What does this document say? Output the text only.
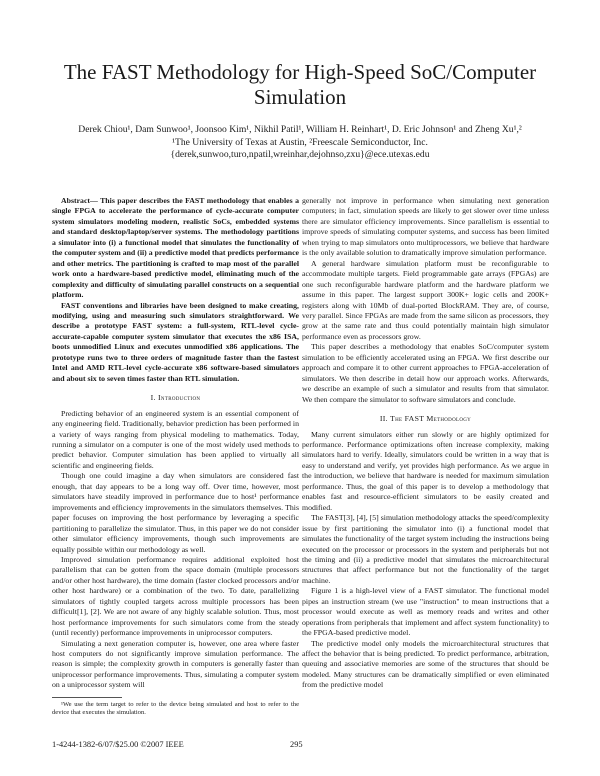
The FAST Methodology for High-Speed SoC/Computer Simulation
Derek Chiou¹, Dam Sunwoo¹, Joonsoo Kim¹, Nikhil Patil¹, William H. Reinhart¹, D. Eric Johnson¹ and Zheng Xu¹,²
¹The University of Texas at Austin, ²Freescale Semiconductor, Inc.
{derek,sunwoo,turo,npatil,wreinhar,dejohnso,zxu}@ece.utexas.edu

Abstract— This paper describes the FAST methodology that enables a single FPGA to accelerate the performance of cycle-accurate computer system simulators modeling modern, realistic SoCs, embedded systems and standard desktop/laptop/server systems. The methodology partitions a simulator into (i) a functional model that simulates the functionality of the computer system and (ii) a predictive model that predicts performance and other metrics. The partitioning is crafted to map most of the parallel work onto a hardware-based predictive model, eliminating much of the complexity and difficulty of simulating parallel constructs on a sequential platform.

FAST conventions and libraries have been designed to make creating, modifying, using and measuring such simulators straightforward. We describe a prototype FAST system: a full-system, RTL-level cycle-accurate-capable computer system simulator that executes the x86 ISA, boots unmodified Linux and executes unmodified x86 applications. The prototype runs two to three orders of magnitude faster than the fastest Intel and AMD RTL-level cycle-accurate x86 software-based simulators and about six to seven times faster than RTL simulation.

I. Introduction

Predicting behavior of an engineered system is an essential component of any engineering field. Traditionally, behavior prediction has been performed in a variety of ways ranging from physical modeling to mathematics. Today, running a simulator on a computer is one of the most widely used methods to predict behavior. Computer simulation has been applied to virtually all scientific and engineering fields.

Though one could imagine a day when simulators are considered fast enough, that day appears to be a long way off. Over time, however, most simulators have steadily improved in performance due to host¹ performance improvements and efficiency improvements in the simulators themselves. This paper focuses on improving the host performance by leveraging a specific partitioning to parallelize the simulator. Thus, in this paper we do not consider other simulator efficiency improvements, though such improvements are equally possible within our methodology as well.

Improved simulation performance requires additional exploited host parallelism that can be gotten from the space domain (multiple processors and/or other host hardware), the time domain (faster clocked processors and/or other host hardware) or a combination of the two. To date, parallelizing simulators of tightly coupled targets across multiple processors has been difficult[1], [2]. We are not aware of any highly scalable solution. Thus, most host performance improvements for such simulators come from the steady (until recently) performance improvements in uniprocessor computers.

Simulating a next generation computer is, however, one area where faster host computers do not significantly improve simulation performance. The reason is simple; the complexity growth in computers is generally faster than uniprocessor performance improvements. Thus, simulating a computer system on a uniprocessor system will

¹We use the term target to refer to the device being simulated and host to refer to the device that executes the simulation.

generally not improve in performance when simulating next generation computers; in fact, simulation speeds are likely to get slower over time unless there are simulator efficiency improvements. Since parallelism is essential to improve speeds of simulating computer systems, and success has been limited when trying to map simulators onto multiprocessors, we believe that hardware is the only available solution to dramatically improve simulation performance.

A general hardware simulation platform must be reconfigurable to accommodate multiple targets. Field programmable gate arrays (FPGAs) are one such reconfigurable hardware platform and the hardware platform we assume in this paper. The largest support 300K+ logic cells and 200K+ registers along with 10Mb of dual-ported BlockRAM. They are, of course, very parallel. Since FPGAs are made from the same silicon as processors, they grow at the same rate and thus could potentially maintain high simulator performance even as processors grow.

This paper describes a methodology that enables SoC/computer system simulation to be efficiently accelerated using an FPGA. We first describe our approach and compare it to other current approaches to FPGA-acceleration of simulators. We then describe in detail how our approach works. Afterwards, we describe an example of such a simulator and results from that simulator. We then compare the simulator to software simulators and conclude.

II. The FAST Methodology

Many current simulators either run slowly or are highly optimized for performance. Performance optimizations often increase complexity, making simulators hard to verify. Ideally, simulators could be written in a way that is easy to understand and verify, yet provides high performance. As we argue in the introduction, we believe that hardware is needed for maximum simulation performance. Thus, the goal of this paper is to develop a methodology that enables fast and resource-efficient simulators to be easily created and modified.

The FAST[3], [4], [5] simulation methodology attacks the speed/complexity issue by first partitioning the simulator into (i) a functional model that simulates the functionality of the target system including the instructions being executed on the processor or processors in the system and peripherals but not the timing and (ii) a predictive model that simulates the microarchitectural structures that affect performance but not the functionality of the target machine.

Figure 1 is a high-level view of a FAST simulator. The functional model pipes an instruction stream (we use "instruction" to mean instructions that a processor would execute as well as memory reads and writes and other operations from peripherals that implement and affect system functionality) to the FPGA-based predictive model.

The predictive model only models the microarchitectural structures that affect the behavior that is being predicted. To predict performance, arbitration, queuing and associative memories are some of the structures that should be modeled. Many structures can be dramatically simplified or even eliminated from the predictive model

1-4244-1382-6/07/$25.00 ©2007 IEEE	295
